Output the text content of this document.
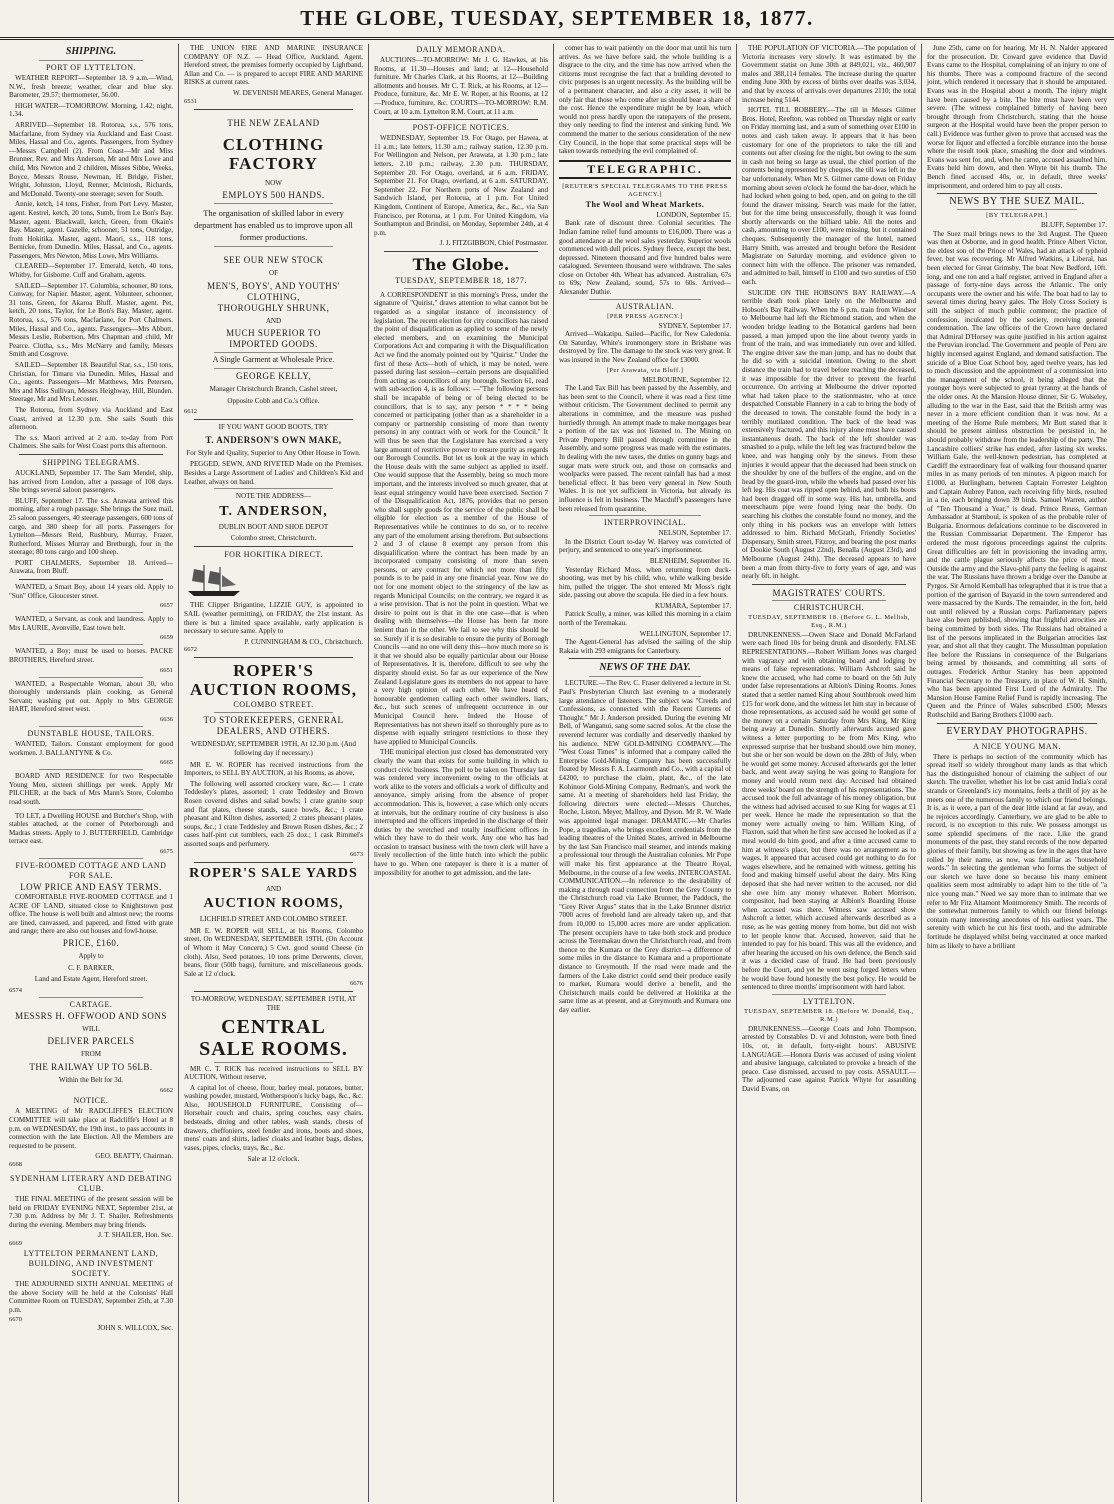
THE GLOBE, TUESDAY, SEPTEMBER 18, 1877.
SHIPPING.
PORT OF LYTTELTON.

WEATHER REPORT—September 18. 9 a.m.—Wind, N.W., fresh breeze; weather, clear and blue sky. Barometer, 29.57; thermometer, 56.00.

HIGH WATER—TOMORROW. Morning, 1.42; night, 1.34.

ARRIVED—September 18. Rotorua, s.s., 576 tons, Macfarlane, from Sydney via Auckland and East Coast. Miles, Hassal and Co., agents. Passengers, from Sydney—Messrs Campbell (2). From Coast—Mr and Miss Brunner, Rev. and Mrs Anderson, Mr and Mrs Lowe and child, Mrs Newton and 2 children, Misses Sibbe, Weeks, Boyce, Messrs Rouse, Newman, H. Bridge, Fisher, Wright, Johnston, Lloyd, Renner, Mcintosh, Richards, and McDonald. Twenty-one steerage; seven for South.

Annie, ketch, 14 tons, Fisher, from Port Levy. Master, agent. Kestrel, ketch, 20 tons, Sumb, from Le Bon's Bay. Master, agent. Blackwall, ketch, Green, from Okain's Bay. Master, agent. Gazelle, schooner, 51 tons, Outridge, from Hokitika. Master, agent. Maori, s.s., 118 tons, Bernicke, from Dunedin. Miles, Hassal, and Co., agents. Passengers, Mrs Newton, Miss Lowe, Mrs Williams.

CLEARED—September 17. Emerald, ketch, 40 tons, Whitby, for Gisborne. Cuff and Graham, agents.

SAILED—September 17. Columbia, schooner, 80 tons, Conway, for Napier. Master, agent. Volunteer, schooner, 31 tons, Green, for Akaroa Bluff. Master, agent. Pet, ketch, 20 tons, Taylor, for Le Bon's Bay. Master, agent. Rotorua, s.s., 576 tons, Macfarlane, for Port Chalmers. Miles, Hassal and Co., agents. Passengers—Mrs Abbott, Messrs Leslie, Robertson, Mrs Chapman and child, Mr Pearce. Clutha, s.s., Mrs McNarry and family, Messrs Smith and Cosgrove.

SAILED—September 18. Beautiful Star, s.s., 150 tons, Christian, for Timaru via Dunedin. Miles, Hassal and Co., agents. Passengers—Mr Matthews, Mrs Petersen, Mrs and Miss Sullivan, Messrs Heighway, Hill, Blunden. Steerage, Mr and Mrs Lecoster.

The Rotorua, from Sydney via Auckland and East Coast, arrived at 12.30 p.m. She sails South this afternoon.

The s.s. Maori arrived at 2 a.m. to-day from Port Chalmers. She sails for West Coast ports this afternoon.

SHIPPING TELEGRAMS.

AUCKLAND, September 17. The Sam Mendel, ship, has arrived from London, after a passage of 108 days. She brings several saloon passengers.

BLUFF, September 17. The s.s. Arawata arrived this morning, after a rough passage. She brings the Suez mail, 25 saloon passengers, 40 steerage passengers, 600 tons of cargo, and 380 sheep for all ports. Passengers for Lyttelton—Messrs Reid, Rushbury, Murray, Frazer, Rutherford, Misses Murray and Bretburgh, four in the steerage; 80 tons cargo and 100 sheep.

PORT CHALMERS, September 18. Arrived—Arawata, from Bluff.

WANTED, a Smart Boy, about 14 years old. Apply to "Sun" Office, Gloucester street.

6657

WANTED, a Servant, as cook and laundress. Apply to Mrs LAURIE, Avonville, East town belt.

6659

WANTED, a Boy; must be used to horses. PACKE BROTHERS, Hereford street.

6651

WANTED, a Respectable Woman, about 30, who thoroughly understands plain cooking, as General Servant; washing put out. Apply to Mrs GEORGE HART, Hereford street west.

6636
DUNSTABLE HOUSE, TAILORS.

WANTED, Tailors. Constant employment for good workmen. J. BALLANTYNE & Co.

6665

BOARD AND RESIDENCE for two Respectable Young Men, sixteen shillings per week. Apply Mr PILCHER, at the back of Mrs Mann's Store, Colombo road south.

TO LET, a Dwelling HOUSE and Butcher's Shop, with stables attached, at the corner of Peterborough and Madras streets. Apply to J. BUTTERFIELD, Cambridge terrace east.

6675
FIVE-ROOMED COTTAGE AND LAND FOR SALE.
LOW PRICE AND EASY TERMS.

COMFORTABLE FIVE-ROOMED COTTAGE and 1 ACRE OF LAND, situated close to Knightstown post office. The house is well built and almost new; the rooms are lined, canvassed, and papered, and fitted with grate and range; there are also out houses and fowl-house.

PRICE, £160.
Apply to
C. F. BARKER,
Land and Estate Agent, Hereford street.
6574
CARTAGE.
MESSRS H. OFFWOOD AND SONS
WILL
DELIVER PARCELS
FROM
THE RAILWAY UP TO 56LB.
Within the Belt for 3d.
6662
NOTICE.

A MEETING of Mr RADCLIFFE'S ELECTION COMMITTEE will take place at Radcliffe's Hotel at 8 p.m. on WEDNESDAY, the 19th inst., to pass accounts in connection with the late Election. All the Members are requested to be present.

GEO. BEATTY, Chairman.
6668
SYDENHAM LITERARY AND DEBATING CLUB.

THE FINAL MEETING of the present session will be held on FRIDAY EVENING NEXT, September 21st, at 7.30 p.m. Address by Mr J. T. Shailer. Refreshments during the evening. Members may bring friends.

J. T. SHAILER, Hon. Sec.
6669
LYTTELTON PERMANENT LAND, BUILDING, AND INVESTMENT SOCIETY.

THE ADJOURNED SIXTH ANNUAL MEETING of the above Society will be held at the Colonists' Hall Committee Room on TUESDAY, September 25th, at 7.30 p.m.

6670
JOHN S. WILLCOX, Sec.

THE UNION FIRE AND MARINE INSURANCE COMPANY OF N.Z. — Head Office, Auckland. Agent, Hereford street, the premises formerly occupied by Lightband, Allan and Co. — is prepared to accept FIRE AND MARINE RISKS at current rates.

W. DEVENISH MEARES, General Manager.
6531
THE NEW ZEALAND
CLOTHING FACTORY
NOW
EMPLOYS 500 HANDS.
The organisation of skilled labor in every department has enabled us to improve upon all former productions.
SEE OUR NEW STOCK
OF
MEN'S, BOYS', AND YOUTHS'
CLOTHING,
THOROUGHLY SHRUNK,
AND
MUCH SUPERIOR TO
IMPORTED GOODS.
A Single Garment at Wholesale Price.
GEORGE KELLY,
Manager Christchurch Branch, Cashel street,
Opposite Cobb and Co.'s Office.
6612
IF YOU WANT GOOD BOOTS, TRY
T. ANDERSON'S OWN MAKE,
For Style and Quality, Superior to Any Other House in Town.

PEGGED, SEWN, AND RIVETED Made on the Premises. Besides a Large Assortment of Ladies' and Children's Kid and Leather, always on hand.

NOTE THE ADDRESS—
T. ANDERSON,
DUBLIN BOOT AND SHOE DEPOT
Colombo street, Christchurch.
FOR HOKITIKA DIRECT.

THE Clipper Brigantine, LIZZIE GUY, is appointed to SAIL (weather permitting), on FRIDAY, the 21st instant. As there is but a limited space available, early application is necessary to secure same. Apply to

P. CUNNINGHAM & CO., Christchurch.
6672
ROPER'S
AUCTION ROOMS,
COLOMBO STREET.
TO STOREKEEPERS, GENERAL DEALERS, AND OTHERS.
WEDNESDAY, SEPTEMBER 19TH, At 12.30 p.m. (And following day if necessary.)

MR E. W. ROPER has received instructions from the Importers, to SELL BY AUCTION, at his Rooms, as above,

The following well assorted crockery ware, &c.— 1 crate Teddesley's plates, assorted; 1 crate Teddesley and Brown Rosen covered dishes and salad bowls; 1 crate granite soup and flat plates, cheese stands, sauce bowls, &c.; 1 crate pheasant and Kilton dishes, assorted; 2 crates pheasant plates, soups, &c.; 1 crate Teddesley and Brown Rosen dishes, &c.; 2 cases half-pint cut tumblers, each 25 doz.; 1 cask Rimmel's assorted soaps and perfumery.

6673
ROPER'S SALE YARDS
AND
AUCTION ROOMS,
LICHFIELD STREET AND COLOMBO STREET.

MR E. W. ROPER will SELL, at his Rooms, Colombo street, On WEDNESDAY, SEPTEMBER 19TH, (On Account of Whom it May Concern,) 5 Cwt. good sound Cheese (in cloth). Also, Seed potatoes, 10 tons prime Derwents, clover, beans, flour (50lb bags), furniture, and miscellaneous goods. Sale at 12 o'clock.

6676
TO-MORROW, WEDNESDAY, SEPTEMBER 19TH, AT THE
CENTRAL
SALE ROOMS.

MR C. T. RICK has received instructions to SELL BY AUCTION, Without reserve,

A capital lot of cheese, flour, barley meal, potatoes, butter, washing powder, mustard, Wotherspoon's lucky bags, &c., &c. Also, HOUSEHOLD FURNITURE, Consisting of— Horsehair couch and chairs, spring couches, easy chairs, bedsteads, dining and other tables, wash stands, chests of drawers, cheffoniers, steel fender and irons, boots and shoes, mens' coats and shirts, ladies' cloaks and leather bags, dishes, vases, pipes, clocks, trays, &c., &c.

Sale at 12 o'clock.
DAILY MEMORANDA.

AUCTIONS—TO-MORROW: Mr J. G. Hawkes, at his Rooms, at 11.30—Houses and land; at 12—Household furniture. Mr Charles Clark, at his Rooms, at 12—Building allotments and houses. Mr C. T. Rick, at his Rooms, at 12—Produce, furniture, &c. Mr E. W. Roper, at his Rooms, at 12—Produce, furniture, &c. COURTS—TO-MORROW: R.M. Court, at 10 a.m. Lyttelton R.M. Court, at 11 a.m.

POST-OFFICE NOTICES.

WEDNESDAY, September 19. For Otago, per Hawea, at 11 a.m.; late letters, 11.30 a.m.; railway station, 12.30 p.m. For Wellington and Nelson, per Arawata, at 1.30 p.m.; late letters, 2.10 p.m.; railway, 2.30 p.m. THURSDAY, September 20. For Otago, overland, at 6 a.m. FRIDAY, September 21. For Otago, overland, at 6 a.m. SATURDAY, September 22. For Northern ports of New Zealand and Sandwich Island, per Rotorua, at 1 p.m. For United Kingdom, Continent of Europe, America, &c., &c., via San Francisco, per Rotorua, at 1 p.m. For United Kingdom, via Southampton and Brindisi, on Monday, September 24th, at 4 p.m.

J. J. FITZGIBBON, Chief Postmaster.
The Globe.
TUESDAY, SEPTEMBER 18, 1877.

A CORRESPONDENT in this morning's Press, under the signature of "Quirist," draws attention to what cannot but be regarded as a singular instance of inconsistency of legislation. The recent election for city councillors has raised the point of disqualification as applied to some of the newly elected members, and on examining the Municipal Corporations Act and comparing it with the Disqualification Act we find the anomaly pointed out by "Quirist." Under the first of these Acts—both of which, it may be noted, were passed during last session—certain persons are disqualified from acting as councillors of any borough. Section 61, read with sub-section 4, is as follows: —"The following persons shall be incapable of being or of being elected to be councillors, that is to say, any person * * * * being concerned or participating (other than as a shareholder in a company or partnership consisting of more than twenty persons) in any contract with or work for the Council." It will thus be seen that the Legislature has exercised a very large amount of restrictive power to ensure purity as regards our Borough Councils. But let us look at the way in which the House deals with the same subject as applied to itself. One would suppose that the Assembly, being so much more important, and the interests involved so much greater, that at least equal stringency would have been exercised. Section 7 of the Disqualification Act, 1876, provides that no person who shall supply goods for the service of the public shall be eligible for election as a member of the House of Representatives while he continues to do so, or to receive any part of the emolument arising therefrom. But subsections 2 and 3 of clause 8 exempt any person from this disqualification where the contract has been made by an incorporated company consisting of more than seven persons, or any contract for which not more than fifty pounds is to be paid in any one financial year. Now we do not for one moment object to the stringency of the law as regards Municipal Councils; on the contrary, we regard it as a wise provision. That is not the point in question. What we desire to point out is that in the one case—that is when dealing with themselves—the House has been far more lenient than in the other. We fail to see why this should be so. Surely if it is so desirable to ensure the purity of Borough Councils —and no one will deny this—how much more so is it that we should also be equally particular about our House of Representatives. It is, therefore, difficult to see why the disparity should exist. So far as our experience of the New Zealand Legislature goes its members do not appear to have a very high opinion of each other. We have heard of honourable gentlemen calling each other swindlers, liars, &c., but such scenes of unfrequent occurrence in our Municipal Council here. Indeed the House of Representatives has not shewn itself so thoroughly pure as to dispense with equally stringent restrictions to those they have applied to Municipal Councils.

THE municipal election just closed has demonstrated very clearly the want that exists for some building in which to conduct civic business. The poll to be taken on Thursday last was rendered very inconvenient owing to the officials at work alike to the voters and officials a work of difficulty and annoyance, simply arising from the absence of proper accommodation. This is, however, a case which only occurs at intervals, but the ordinary routine of city business is also interrupted and the officers impeded in the discharge of their duties by the wretched and totally insufficient offices in which they have to do their work. Any one who has had occasion to transact business with the town clerk will have a lively recollection of the little hutch into which the public have to go. When one ratepayer is there it is a matter of impossibility for another to get admission, and the late-

comer has to wait patiently on the door mat until his turn arrives. As we have before said, the whole building is a disgrace to the city, and the time has now arrived when the citizens must recognise the fact that a building devoted to civic purposes is an urgent necessity. As the building will be of a permanent character, and also a city asset, it will be only fair that those who come after us should bear a share of the cost. Hence the expenditure might be by loan, which would not press hardly upon the ratepayers of the present, they only needing to find the interest and sinking fund. We commend the matter to the serious consideration of the new City Council, in the hope that some practical steps will be taken towards remedying the evil complained of.

TELEGRAPHIC.
[REUTER'S SPECIAL TELEGRAMS TO THE PRESS AGENCY.]
The Wool and Wheat Markets.
LONDON, September 15.

Bank rate of discount three. Colonial securities. The Indian famine relief fund amounts to £16,000. There was a good attendance at the wool sales yesterday. Superior wools commenced with dull prices. Sydney fleece, except the best, depressed. Nineteen thousand and five hundred bales were catalogued. Seventeen thousand were withdrawn. The sales close on October 4th. Wheat has advanced. Australian, 67s to 69s; New Zealand, sound, 57s to 60s. Arrived—Alexander Duthie.

AUSTRALIAN.
[PER PRESS AGENCY.]
SYDNEY, September 17.

Arrived—Wakatipu. Sailed—Pacific, for New Caledonia. On Saturday, White's ironmongery store in Brisbane was destroyed by fire. The damage to the stock was very great. It was insured in the New Zealand office for £3000.

[Per Arawata, via Bluff.]
MELBOURNE, September 12.

The Land Tax Bill has been passed by the Assembly, and has been sent to the Council, where it was read a first time without criticism. The Government declined to permit any alterations in committee, and the measure was pushed hurriedly through. An attempt made to make mortgages bear a portion of the tax was not listened to. The Mining on Private Property Bill passed through committee in the Assembly, and some progress was made with the estimates. In dealing with the new taxes, the duties on gunny bags and sugar mats were struck out, and those on cornsacks and woolpacks were passed. The recent rainfall has had a most beneficial effect. It has been very general in New South Wales. It is not yet sufficient in Victoria, but already its influence is felt in business. The Macduff's passengers have been released from quarantine.

INTERPROVINCIAL.
NELSON, September 17.

In the District Court to-day W. Harvey was convicted of perjury, and sentenced to one year's imprisonment.

BLENHEIM, September 16.

Yesterday Richard Moss, when returning from duck-shooting, was met by his child, who, while walking beside him, pulled the trigger. The shot entered Mr Moss's right side, passing out above the scapula. He died in a few hours.

KUMARA, September 17.

Patrick Scully, a miner, was killed this morning in a claim north of the Teremakau.

WELLINGTON, September 17.

The Agent-General has advised the sailing of the ship Rakaia with 293 emigrants for Canterbury.

NEWS OF THE DAY.

LECTURE.—The Rev. C. Fraser delivered a lecture in St. Paul's Presbyterian Church last evening to a moderately large attendance of listeners. The subject was "Creeds and Confessions, as connected with the Recent Currents of Thought." Mr J. Anderson presided. During the evening Mr Bell, of Wanganui, sang some sacred solos. At the close the reverend lecturer was cordially and deservedly thanked by his audience. NEW GOLD-MINING COMPANY.—The "West Coast Times" is informed that a company called the Enterprise Gold-Mining Company has been successfully floated by Messrs F. A. Learmonth and Co., with a capital of £4200, to purchase the claim, plant, &c., of the late Kohinoor Gold-Mining Company, Redman's, and work the same. At a meeting of shareholders held last Friday, the following directors were elected:—Messrs Churches, Roche, Liston, Meyer, Mallroy, and Dyson. Mr R. W. Wade was appointed legal manager. DRAMATIC.—Mr Charles Pope, a tragedian, who brings excellent credentials from the leading theatres of the United States, arrived in Melbourne by the last San Francisco mail steamer, and intends making a professional tour through the Australian colonies. Mr Pope will make his first appearance at the Theatre Royal, Melbourne, in the course of a few weeks. INTERCOASTAL COMMUNICATION.—In reference to the desirability of making a through road connection from the Grey County to the Christchurch road via Lake Brunner, the Paddock, the "Grey River Argus" states that in the Lake Brunner district 7000 acres of freehold land are already taken up, and that from 10,000 to 15,000 acres more are under application. The present occupiers have to take both stock and produce across the Teremakau down the Christchurch road, and from thence to the Kumara or the Grey district—a difference of some miles in the distance to Kumara and a proportionate distance to Greymouth. If the road were made and the farmers of the Lake district could send their produce easily to market, Kumara would derive a benefit, and the Christchurch mails could be delivered at Hokitika at the same time as at present, and at Greymouth and Kumara one day earlier.

THE POPULATION OF VICTORIA.—The population of Victoria increases very slowly. It was estimated by the Government statist on June 30th at 849,021, viz., 460,907 males and 388,114 females. The increase during the quarter ending June 30th by excess of births over deaths was 3,034, and that by excess of arrivals over departures 2110; the total increase being 5144.

HOTEL TILL ROBBERY.—The till in Messrs Gilmer Bros. Hotel, Reefton, was robbed on Thursday night or early on Friday morning last, and a sum of something over £100 in notes and cash taken away. It appears that it has been customary for one of the proprietors to take the till and contents out after closing for the night, but owing to the sum in cash not being so large as usual, the chief portion of the contents being represented by cheques, the till was left in the bar unfortunately. When Mr S. Gilmer came down on Friday morning about seven o'clock he found the bar-door, which he had locked when going to bed, open, and on going to the till found the drawer missing. Search was made for the latter, but for the time being unsuccessfully, though it was found shortly afterwards on the billiard table. All the notes and cash, amounting to over £100, were missing, but it contained cheques. Subsequently the manager of the hotel, named Harry Smith, was arrested and brought before the Resident Magistrate on Saturday morning, and evidence given to connect him with the offence. The prisoner was remanded, and admitted to bail, himself in £100 and two sureties of £50 each.

SUICIDE ON THE HOBSON'S BAY RAILWAY.—A terrible death took place lately on the Melbourne and Hobson's Bay Railway. When the 6 p.m. train from Windsor to Melbourne had left the Richmond station, and when the wooden bridge leading to the Botanical gardens had been passed, a man jumped upon the line about twenty yards in front of the train, and was immediately run over and killed. The engine driver saw the man jump, and has no doubt that he did so with a suicidal intention. Owing to the short distance the train had to travel before reaching the deceased, it was impossible for the driver to prevent the fearful occurrence. On arriving at Melbourne the driver reported what had taken place to the stationmaster, who at once despatched Constable Flannery in a cab to bring the body of the deceased to town. The constable found the body in a terribly mutilated condition. The back of the head was extensively fractured, and this injury alone must have caused instantaneous death. The back of the left shoulder was smashed to a pulp, while the left leg was fractured below the knee, and was hanging only by the sinews. From these injuries it would appear that the deceased had been struck on the shoulder by one of the buffers of the engine, and on the head by the guard-iron, while the wheels had passed over his left leg. His coat was ripped open behind, and both his boots had been dragged off in some way. His hat, umbrella, and meerschaum pipe were found lying near the body. On searching his clothes the constable found no money, and the only thing in his pockets was an envelope with letters addressed to him. Richard McGrath, Friendly Societies' Dispensary, Smith street, Fitzroy, and bearing the post marks of Dookie South (August 22nd), Benalla (August 23rd), and Melbourne (August 24th). The deceased appears to have been a man from thirty-five to forty years of age, and was nearly 6ft. in height.

MAGISTRATES' COURTS.
CHRISTCHURCH.
TUESDAY, SEPTEMBER 18. (Before G. L. Mellish, Esq., R.M.)

DRUNKENNESS.—Owen Stace and Donald McFarland were each fined 10s for being drunk and disorderly. FALSE REPRESENTATIONS.—Robert William Jones was charged with vagrancy and with obtaining board and lodging by means of false representations. William Ashcroft said he knew the accused, who had come to board on the 5th July under false representations at Albion's Dining Rooms. Jones stated that a settler named King about Southbrook owed him £15 for work done, and the witness let him stay in because of those representations, as accused said he would get some of the money on a certain Saturday from Mrs King, Mr King being away at Dunedin. Shortly afterwards accused gave witness a letter purporting to be from Mrs King, who expressed surprise that her husband should owe him money, but she or her son would be down on the 28th of July, when he would get some money. Accused afterwards got the letter back, and went away saying he was going to Rangiora for money and would return next day. Accused had obtained three weeks' board on the strength of his representations. The accused took the full advantage of his money obligation, but the witness had advised accused to sue King for wages at £1 per week. Hence he made the representation so that the money were actually owing to him. William King, of Flaxton, said that when he first saw accused he looked as if a meal would do him good, and after a time accused came to him at witness's place, but there was no arrangement as to wages. It appeared that accused could get nothing to do for wages elsewhere, and he remained with witness, getting his food and making himself useful about the dairy. Mrs King deposed that she had never written to the accused, nor did she owe him any money whatever. Robert Morrison, compositor, had been staying at Albion's Boarding House when accused was there. Witness saw accused show Ashcroft a letter, which accused afterwards described as a ruse, as he was getting money from home, but did not wish to let people know that. Accused, however, said that he intended to pay for his board. This was all the evidence, and after hearing the accused on his own defence, the Bench said it was a decided case of fraud. He had been previously before the Court, and yet he went using forged letters when he would have found honestly the best policy. He would be sentenced to three months' imprisonment with hard labor.

LYTTELTON.
TUESDAY, SEPTEMBER 18. (Before W. Donald, Esq., R.M.)

DRUNKENNESS.—George Coats and John Thompson, arrested by Constables D. vi and Johnston, were both fined 10s, or, in default, forty-eight hours'. ABUSIVE LANGUAGE.—Honora Davis was accused of using violent and abusive language, calculated to provoke a breach of the peace. Case dismissed, accused to pay costs. ASSAULT.—The adjourned case against Patrick Whyte for assaulting David Evans, on

June 25th, came on for hearing. Mr H. N. Nalder appeared for the prosecution. Dr. Coward gave evidence that David Evans came to the Hospital, complaining of an injury to one of his thumbs. There was a compound fracture of the second joint, which rendered it necessary that it should be amputated. Evans was in the Hospital about a month. The injury might have been caused by a bite. The bite must have been very severe. (The witness complained bitterly of having been brought through from Christchurch, stating that the house surgeon at the Hospital would have been the proper person to call.) Evidence was further given to prove that accused was the worse for liquor and effected a forcible entrance into the house where the result took place, smashing the door and windows. Evans was sent for, and, when he came, accused assaulted him. Evans held him down, and then Whyte bit his thumb. The Bench fined accused 40s, or, in default, three weeks' imprisonment, and ordered him to pay all costs.

NEWS BY THE SUEZ MAIL.
[BY TELEGRAPH.]
BLUFF, September 17.

The Suez mail brings news to the 3rd August. The Queen was then at Osborne, and in good health. Prince Albert Victor, the eldest son of the Prince of Wales, had an attack of typhoid fever, but was recovering. Mr Alfred Watkins, a Liberal, has been elected for Great Grimsby. The boat New Bedford, 10ft. long, and one ton and a half register, arrived in England after a passage of forty-nine days across the Atlantic. The only occupants were the owner and his wife. The boat had to lay to several times during heavy gales. The Holy Cross Society is still the subject of much public comment; the practice of confession, inculcated by the society, receiving general condemnation. The law officers of the Crown have declared that Admiral D'Horsey was quite justified in his action against the Peruvian ironclad. The Government and people of Peru are highly incensed against England, and demand satisfaction. The suicide of a Blue Coat School boy, aged twelve years, has led to much discussion and the appointment of a commission into the management of the school, it being alleged that the younger boys were subjected to great tyranny at the hands of the older ones. At the Mansion House dinner, Sir G. Wolseley, alluding to the war in the East, said that the British army was never in a more efficient condition than it was now. At a meeting of the Home Rule members, Mr Butt stated that it should be present aimless obstruction be persisted in, he should probably withdraw from the leadership of the party. The Lancashire colliers' strike has ended, after lasting six weeks. William Gale, the well-known pedestrian, has completed at Cardiff the extraordinary feat of walking four thousand quarter miles in as many periods of ten minutes. A pigeon match for £1000, at Hurlingham, between Captain Forrester Leighton and Captain Aubrey Patton, each receiving fifty birds, resulted in a tie, each bringing down 39 birds. Samuel Warren, author of "Ten Thousand a Year," is dead. Prince Reuss, German Ambassador at Stamboul, is spoken of as the probable ruler of Bulgaria. Enormous defalcations continue to be discovered in the Russian Commissariat Department. The Emperor has ordered the most rigorous proceedings against the culprits. Great difficulties are felt in provisioning the invading army, and the cattle plague seriously affects the price of meat. Outside the army and the Slavo-phil party the feeling is against the war. The Russians have thrown a bridge over the Danube at Pyrgos. Sir Arnold Kemball has telegraphed that it is true that a portion of the garrison of Bayazid in the town surrendered and were massacred by the Kurds. The remainder, in the fort, held out until relieved by a Russian corps. Parliamentary papers have also been published, showing that frightful atrocities are being committed by both sides. The Russians had obtained a list of the persons implicated in the Bulgarian atrocities last year, and shot all that they caught. The Mussulman population flee before the Russians in consequence of the Bulgarians being armed by thousands, and committing all sorts of outrages. Frederick Arthur Stanley has been appointed Financial Secretary to the Treasury, in place of W. H. Smith, who has been appointed First Lord of the Admiralty. The Mansion House Famine Relief Fund is rapidly increasing. The Queen and the Prince of Wales subscribed £500; Messrs Rothschild and Baring Brothers £1000 each.

EVERYDAY PHOTOGRAPHS.
A NICE YOUNG MAN.

There is perhaps no section of the community which has spread itself so widely throughout many lands as that which has the distinguished honour of claiming the subject of our sketch. The traveller, whether his lot be cast amid India's coral strands or Greenland's icy mountains, feels a thrill of joy as he meets one of the numerous family to which our friend belongs. It is, as it were, a part of the dear little island at far away, and he rejoices accordingly. Canterbury, we are glad to be able to record, is no exception to this rule. We possess amongst us some splendid specimens of the race. Like the grand monuments of the past, they stand records of the now departed glories of their family, but showing as few in the ages that have rolled by their name, as now, was familiar as "household words." In selecting the gentleman who forms the subject of our sketch we have done so because his many eminent qualities seem most admirably to adapt him to the title of "a nice young man." Need we say more than to intimate that we refer to Mr Fitz Altamont Montmorency Smith. The records of the somewhat numerous family to which our friend belongs contain many interesting anecdotes of his earliest years. The serenity with which he cut his first tooth, and the admirable fortitude he displayed whilst being vaccinated at once marked him as likely to have a brilliant
